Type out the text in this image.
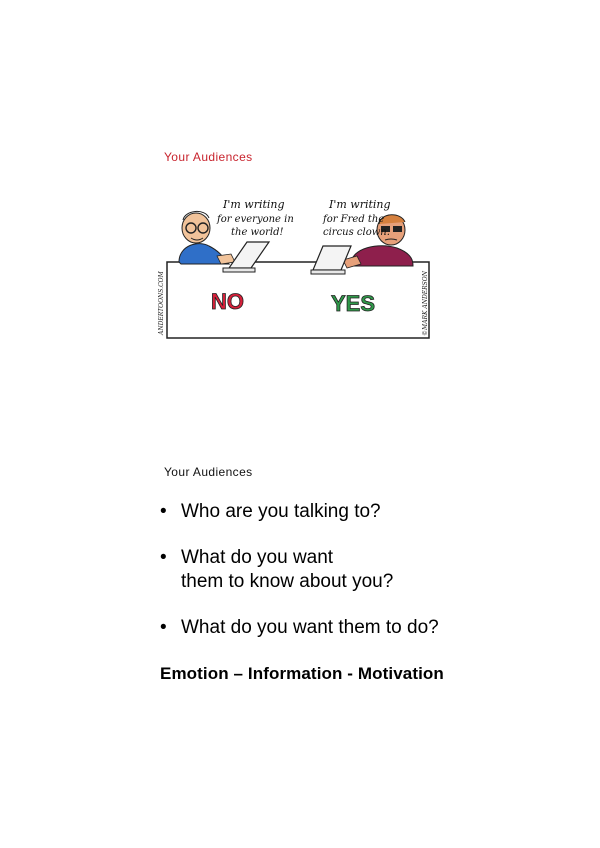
Your Audiences
ANDERTOONS.COM	©MARK ANDERSON
I'm writing
for everyone in
the world!
I'm writing
for Fred the
circus clown.
NO	YES
Your Audiences
• Who are you talking to?
• What do you want
them to know about you?
• What do you want them to do?
Emotion – Information - Motivation
